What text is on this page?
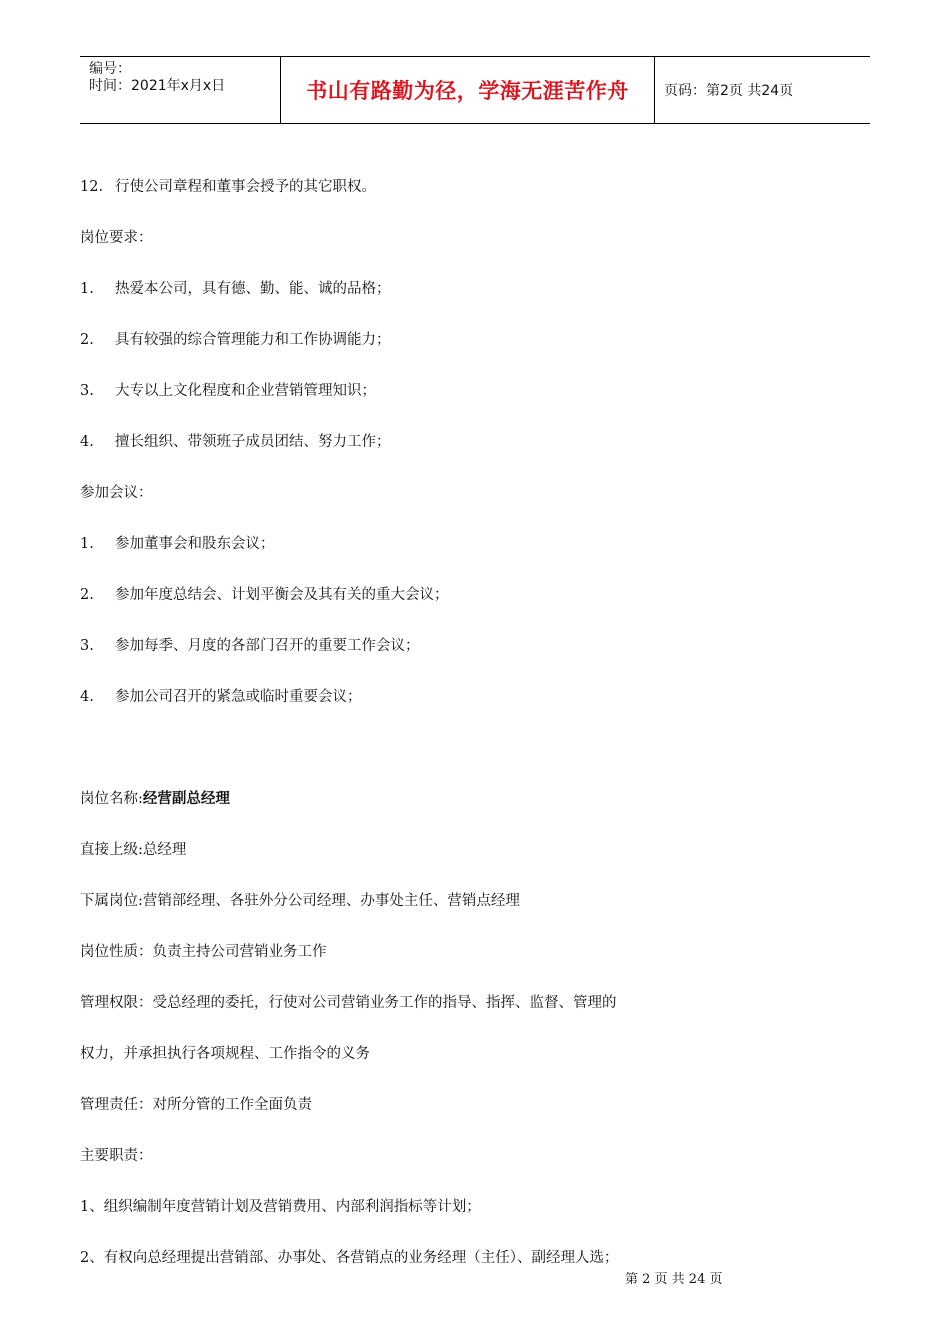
编号：
时间：2021年x月x日	书山有路勤为径，学海无涯苦作舟	页码：第2页 共24页
12. 行使公司章程和董事会授予的其它职权。
岗位要求：
1. 热爱本公司，具有德、勤、能、诚的品格；
2. 具有较强的综合管理能力和工作协调能力；
3. 大专以上文化程度和企业营销管理知识；
4. 擅长组织、带领班子成员团结、努力工作；
参加会议：
1. 参加董事会和股东会议；
2. 参加年度总结会、计划平衡会及其有关的重大会议；
3. 参加每季、月度的各部门召开的重要工作会议；
4. 参加公司召开的紧急或临时重要会议；
岗位名称:经营副总经理
直接上级:总经理
下属岗位:营销部经理、各驻外分公司经理、办事处主任、营销点经理
岗位性质：负责主持公司营销业务工作
管理权限：受总经理的委托，行使对公司营销业务工作的指导、指挥、监督、管理的
权力，并承担执行各项规程、工作指令的义务
管理责任：对所分管的工作全面负责
主要职责：
1、组织编制年度营销计划及营销费用、内部利润指标等计划；
2、有权向总经理提出营销部、办事处、各营销点的业务经理（主任）、副经理人选；
第 2 页 共 24 页
